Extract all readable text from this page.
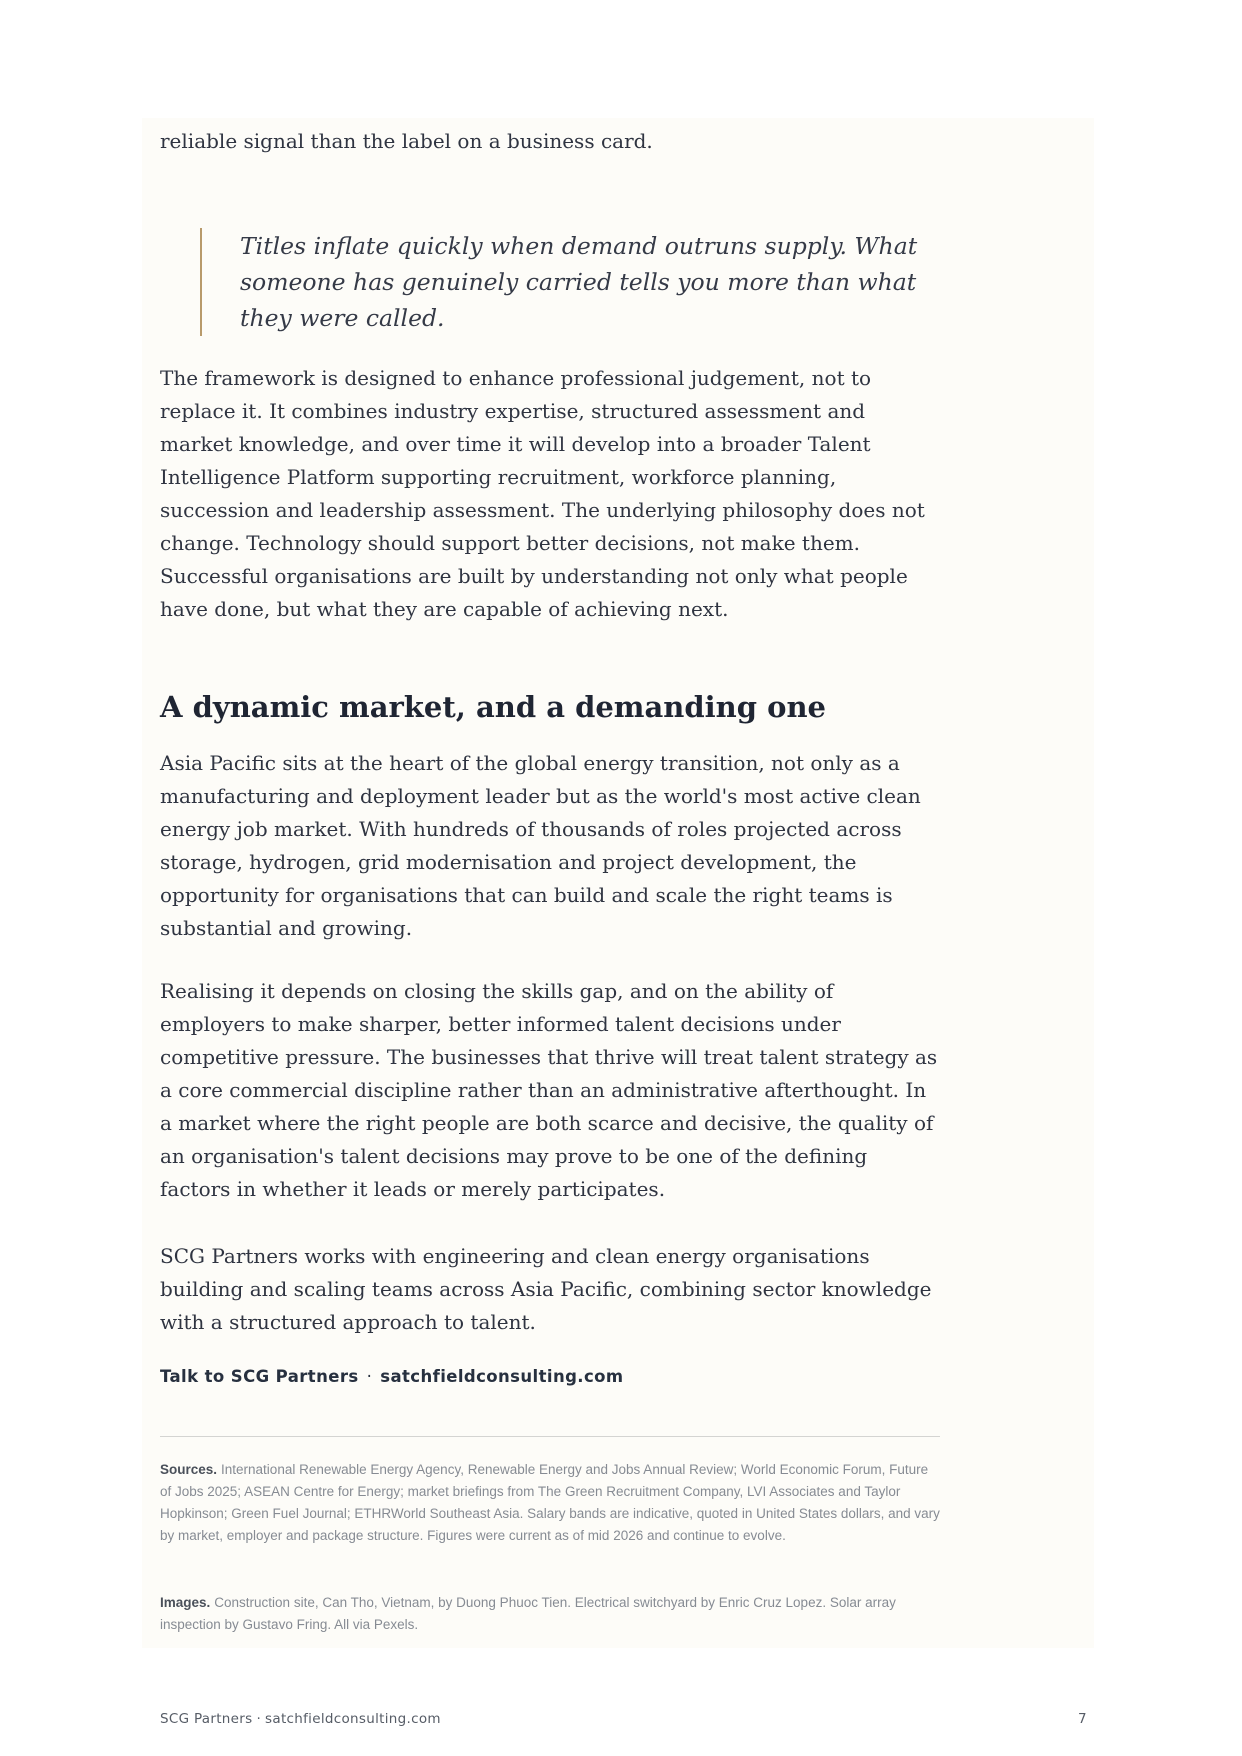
reliable signal than the label on a business card.

Titles inflate quickly when demand outruns supply. What someone has genuinely carried tells you more than what they were called.

The framework is designed to enhance professional judgement, not to replace it. It combines industry expertise, structured assessment and market knowledge, and over time it will develop into a broader Talent Intelligence Platform supporting recruitment, workforce planning, succession and leadership assessment. The underlying philosophy does not change. Technology should support better decisions, not make them. Successful organisations are built by understanding not only what people have done, but what they are capable of achieving next.

A dynamic market, and a demanding one

Asia Pacific sits at the heart of the global energy transition, not only as a manufacturing and deployment leader but as the world's most active clean energy job market. With hundreds of thousands of roles projected across storage, hydrogen, grid modernisation and project development, the opportunity for organisations that can build and scale the right teams is substantial and growing.

Realising it depends on closing the skills gap, and on the ability of employers to make sharper, better informed talent decisions under competitive pressure. The businesses that thrive will treat talent strategy as a core commercial discipline rather than an administrative afterthought. In a market where the right people are both scarce and decisive, the quality of an organisation's talent decisions may prove to be one of the defining factors in whether it leads or merely participates.

SCG Partners works with engineering and clean energy organisations building and scaling teams across Asia Pacific, combining sector knowledge with a structured approach to talent.

Talk to SCG Partners · satchfieldconsulting.com

Sources. International Renewable Energy Agency, Renewable Energy and Jobs Annual Review; World Economic Forum, Future of Jobs 2025; ASEAN Centre for Energy; market briefings from The Green Recruitment Company, LVI Associates and Taylor Hopkinson; Green Fuel Journal; ETHRWorld Southeast Asia. Salary bands are indicative, quoted in United States dollars, and vary by market, employer and package structure. Figures were current as of mid 2026 and continue to evolve.

Images. Construction site, Can Tho, Vietnam, by Duong Phuoc Tien. Electrical switchyard by Enric Cruz Lopez. Solar array inspection by Gustavo Fring. All via Pexels.

SCG Partners · satchfieldconsulting.com	7
